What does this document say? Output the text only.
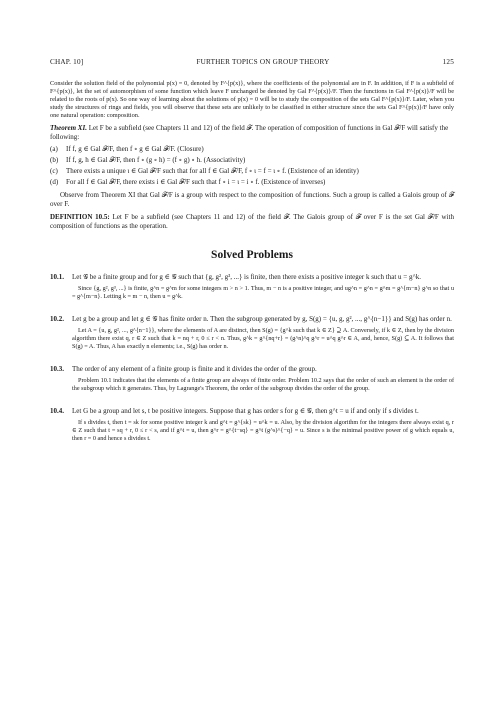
CHAP. 10]	FURTHER TOPICS ON GROUP THEORY	125

Consider the solution field of the polynomial p(x) = 0, denoted by F^{p(x)}, where the coefficients of the polynomial are in F. In addition, if F is a subfield of F^{p(x)}, let the set of automorphism of some function which leave F unchanged be denoted by Gal F^{p(x)}/F. Then the functions in Gal F^{p(x)}/F will be related to the roots of p(x). So one way of learning about the solutions of p(x) = 0 will be to study the composition of the sets Gal F^{p(x)}/F. Later, when you study the structures of rings and fields, you will observe that these sets are unlikely to be classified in either structure since the sets Gal F^{p(x)}/F have only one natural operation: composition.

Theorem XI. Let F be a subfield (see Chapters 11 and 12) of the field 𝓕. The operation of composition of functions in Gal 𝓕/F will satisfy the following:

(a)	If f, g ∈ Gal 𝓕/F, then f ∘ g ∈ Gal 𝓕/F. (Closure)
(b)	If f, g, h ∈ Gal 𝓕/F, then f ∘ (g ∘ h) = (f ∘ g) ∘ h. (Associativity)
(c)	There exists a unique ι ∈ Gal 𝓕/F such that for all f ∈ Gal 𝓕/F, f ∘ ι = f = ι ∘ f. (Existence of an identity)
(d)	For all f ∈ Gal 𝓕/F, there exists i ∈ Gal 𝓕/F such that f ∘ i = ι = i ∘ f. (Existence of inverses)

Observe from Theorem XI that Gal 𝓕/F is a group with respect to the composition of functions. Such a group is called a Galois group of 𝓕 over F.

DEFINITION 10.5: Let F be a subfield (see Chapters 11 and 12) of the field 𝓕. The Galois group of 𝓕 over F is the set Gal 𝓕/F with composition of functions as the operation.

Solved Problems
10.1.	Let 𝒢 be a finite group and for g ∈ 𝒢 such that {g, g², g³, ...} is finite, then there exists a positive integer k such that u = g^k.

Since {g, g², g³, ...} is finite, g^n = g^m for some integers m > n > 1. Thus, m − n is a positive integer, and ug^n = g^n = g^m = g^{m−n} g^n so that u = g^{m−n}. Letting k = m − n, then u = g^k.

10.2.	Let g be a group and let g ∈ 𝒢 has finite order n. Then the subgroup generated by g, S(g) = {u, g, g², ..., g^{n−1}} and S(g) has order n.

Let A = {u, g, g², ..., g^{n−1}}, where the elements of A are distinct, then S(g) = {g^k such that k ∈ Z} ⊇ A. Conversely, if k ∈ Z, then by the division algorithm there exist q, r ∈ Z such that k = nq + r, 0 ≤ r < n. Thus, g^k = g^{nq+r} = (g^n)^q g^r = u^q g^r ∈ A, and, hence, S(g) ⊆ A. It follows that S(g) = A. Thus, A has exactly n elements; i.e., S(g) has order n.

10.3.	The order of any element of a finite group is finite and it divides the order of the group.

Problem 10.1 indicates that the elements of a finite group are always of finite order. Problem 10.2 says that the order of such an element is the order of the subgroup which it generates. Thus, by Lagrange's Theorem, the order of the subgroup divides the order of the group.

10.4.	Let G be a group and let s, t be positive integers. Suppose that g has order s for g ∈ 𝒢, then g^t = u if and only if s divides t.

If s divides t, then t = sk for some positive integer k and g^t = g^{sk} = u^k = u. Also, by the division algorithm for the integers there always exist q, r ∈ Z such that t = sq + r, 0 ≤ r < s, and if g^t = u, then g^r = g^{t−sq} = g^t (g^s)^{−q} = u. Since s is the minimal positive power of g which equals u, then r = 0 and hence s divides t.
